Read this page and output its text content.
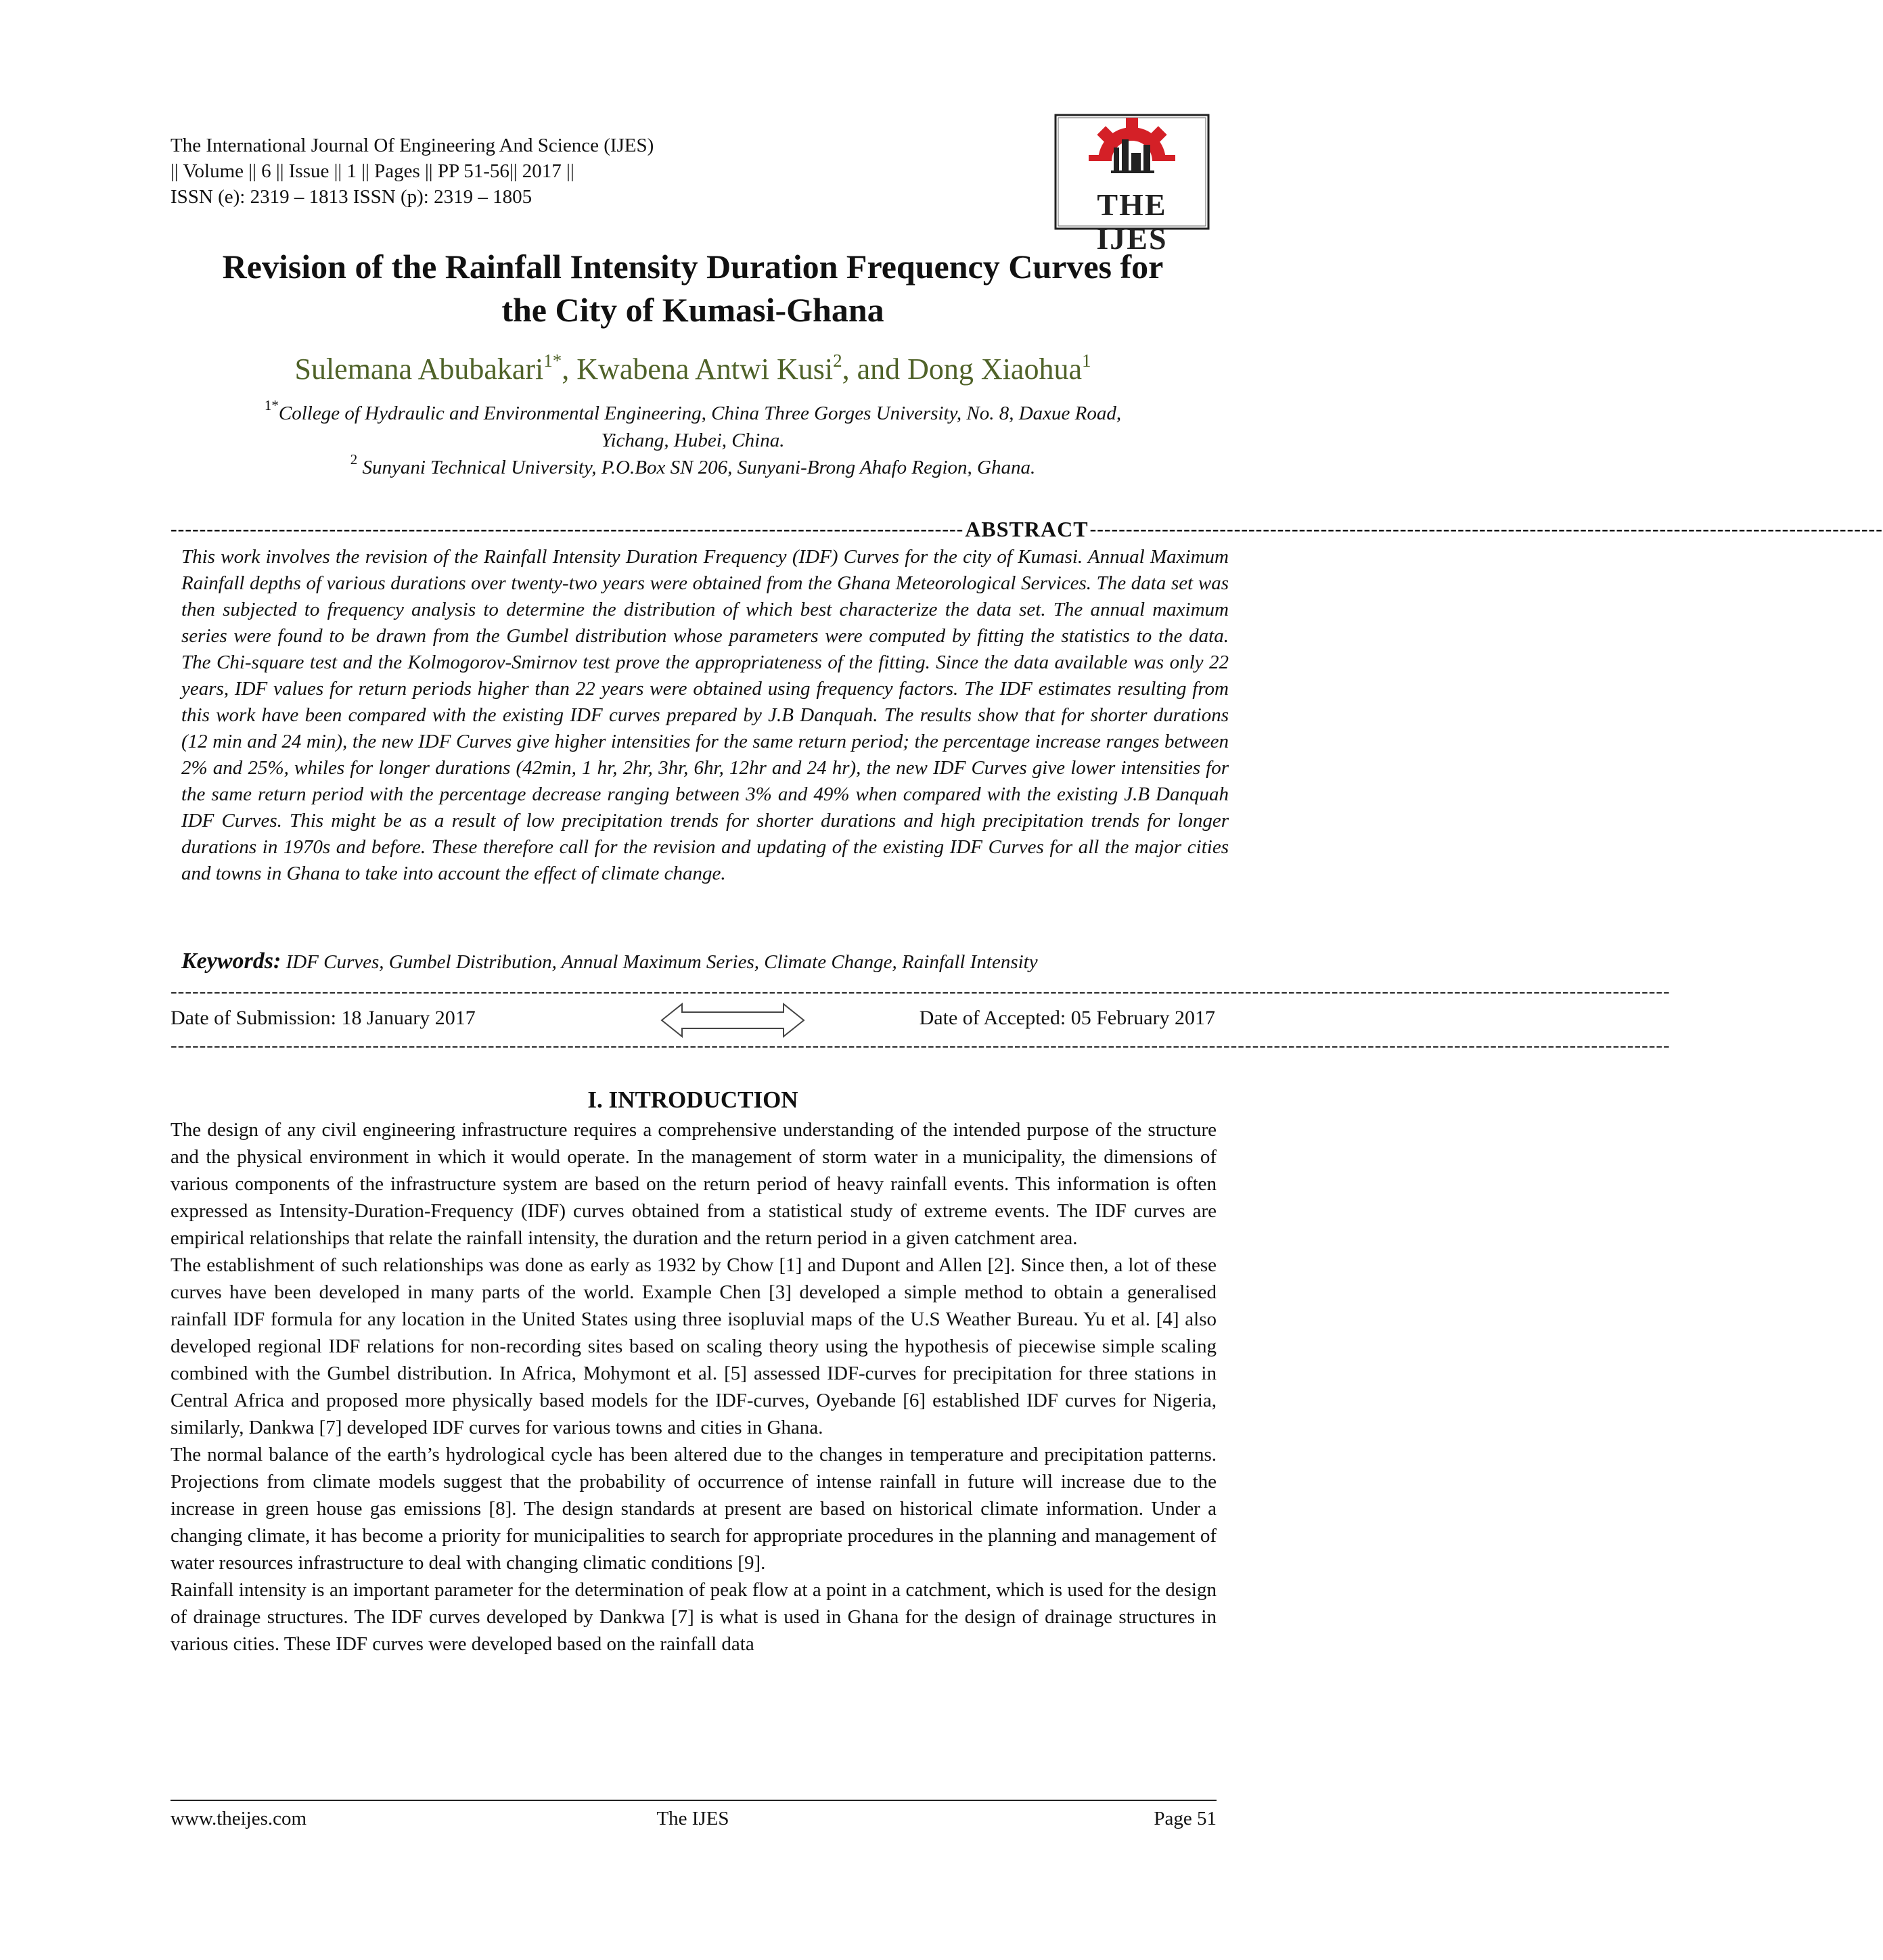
The International Journal Of Engineering And Science (IJES)
|| Volume || 6 || Issue || 1 || Pages || PP 51-56|| 2017 ||
ISSN (e): 2319 – 1813 ISSN (p): 2319 – 1805	THE IJES
Revision of the Rainfall Intensity Duration Frequency Curves for
the City of Kumasi-Ghana
Sulemana Abubakari$^{1*}$, Kwabena Antwi Kusi$^2$, and Dong Xiaohua$^1$
$^{1*}$College of Hydraulic and Environmental Engineering, China Three Gorges University, No. 8, Daxue Road,
Yichang, Hubei, China.
$^2$ Sunyani Technical University, P.O.Box SN 206, Sunyani-Brong Ahafo Region, Ghana.
-------------------------------------------------------------------------------------------------------------- ABSTRACT --------------------------------------------------------------------------------------------------------------
This work involves the revision of the Rainfall Intensity Duration Frequency (IDF) Curves for the city of Kumasi. Annual Maximum Rainfall depths of various durations over twenty-two years were obtained from the Ghana Meteorological Services. The data set was then subjected to frequency analysis to determine the distribution of which best characterize the data set. The annual maximum series were found to be drawn from the Gumbel distribution whose parameters were computed by fitting the statistics to the data. The Chi-square test and the Kolmogorov-Smirnov test prove the appropriateness of the fitting. Since the data available was only 22 years, IDF values for return periods higher than 22 years were obtained using frequency factors. The IDF estimates resulting from this work have been compared with the existing IDF curves prepared by J.B Danquah. The results show that for shorter durations (12 min and 24 min), the new IDF Curves give higher intensities for the same return period; the percentage increase ranges between 2% and 25%, whiles for longer durations (42min, 1 hr, 2hr, 3hr, 6hr, 12hr and 24 hr), the new IDF Curves give lower intensities for the same return period with the percentage decrease ranging between 3% and 49% when compared with the existing J.B Danquah IDF Curves. This might be as a result of low precipitation trends for shorter durations and high precipitation trends for longer durations in 1970s and before. These therefore call for the revision and updating of the existing IDF Curves for all the major cities and towns in Ghana to take into account the effect of climate change.
Keywords: IDF Curves, Gumbel Distribution, Annual Maximum Series, Climate Change, Rainfall Intensity
----------------------------------------------------------------------------------------------------------------------------------------------------------------------------------------------------------------
Date of Submission: 18 January 2017	Date of Accepted: 05 February 2017
----------------------------------------------------------------------------------------------------------------------------------------------------------------------------------------------------------------
I. INTRODUCTION

The design of any civil engineering infrastructure requires a comprehensive understanding of the intended purpose of the structure and the physical environment in which it would operate. In the management of storm water in a municipality, the dimensions of various components of the infrastructure system are based on the return period of heavy rainfall events. This information is often expressed as Intensity-Duration-Frequency (IDF) curves obtained from a statistical study of extreme events. The IDF curves are empirical relationships that relate the rainfall intensity, the duration and the return period in a given catchment area.

The establishment of such relationships was done as early as 1932 by Chow [1] and Dupont and Allen [2]. Since then, a lot of these curves have been developed in many parts of the world. Example Chen [3] developed a simple method to obtain a generalised rainfall IDF formula for any location in the United States using three isopluvial maps of the U.S Weather Bureau. Yu et al. [4] also developed regional IDF relations for non-recording sites based on scaling theory using the hypothesis of piecewise simple scaling combined with the Gumbel distribution. In Africa, Mohymont et al. [5] assessed IDF-curves for precipitation for three stations in Central Africa and proposed more physically based models for the IDF-curves, Oyebande [6] established IDF curves for Nigeria, similarly, Dankwa [7] developed IDF curves for various towns and cities in Ghana.

The normal balance of the earth’s hydrological cycle has been altered due to the changes in temperature and precipitation patterns. Projections from climate models suggest that the probability of occurrence of intense rainfall in future will increase due to the increase in green house gas emissions [8]. The design standards at present are based on historical climate information. Under a changing climate, it has become a priority for municipalities to search for appropriate procedures in the planning and management of water resources infrastructure to deal with changing climatic conditions [9].

Rainfall intensity is an important parameter for the determination of peak flow at a point in a catchment, which is used for the design of drainage structures. The IDF curves developed by Dankwa [7] is what is used in Ghana for the design of drainage structures in various cities. These IDF curves were developed based on the rainfall data

www.theijes.com	The IJES	Page 51
